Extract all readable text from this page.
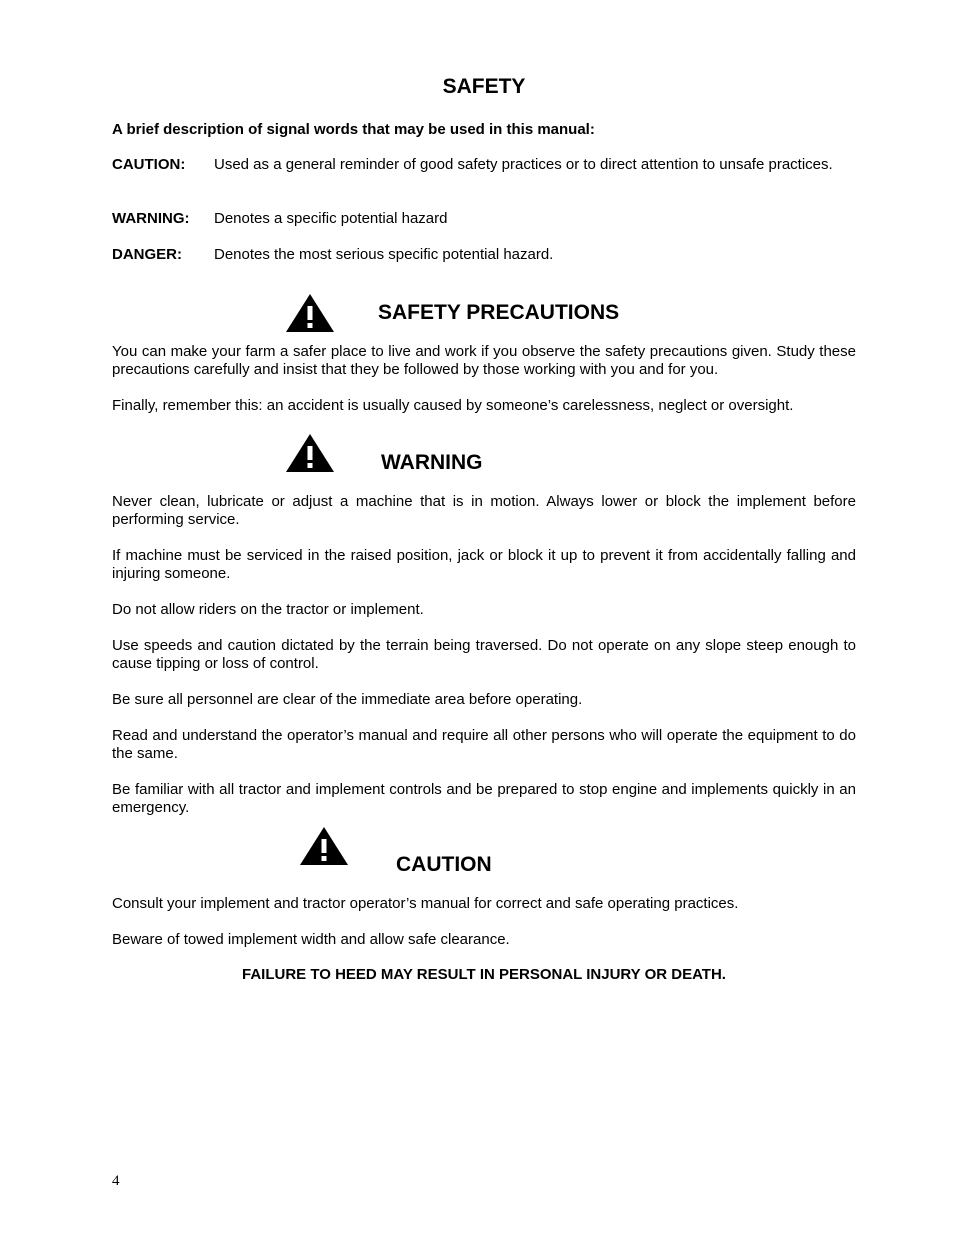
SAFETY
A brief description of signal words that may be used in this manual:
CAUTION:	Used as a general reminder of good safety practices or to direct attention to unsafe practices.
WARNING: Denotes a specific potential hazard
DANGER: Denotes the most serious specific potential hazard.
SAFETY PRECAUTIONS

You can make your farm a safer place to live and work if you observe the safety precautions given. Study these precautions carefully and insist that they be followed by those working with you and for you.

Finally, remember this: an accident is usually caused by someone’s carelessness, neglect or oversight.

WARNING

Never clean, lubricate or adjust a machine that is in motion. Always lower or block the implement before performing service.

If machine must be serviced in the raised position, jack or block it up to prevent it from accidentally falling and injuring someone.

Do not allow riders on the tractor or implement.

Use speeds and caution dictated by the terrain being traversed. Do not operate on any slope steep enough to cause tipping or loss of control.

Be sure all personnel are clear of the immediate area before operating.

Read and understand the operator’s manual and require all other persons who will operate the equipment to do the same.

Be familiar with all tractor and implement controls and be prepared to stop engine and implements quickly in an emergency.

CAUTION

Consult your implement and tractor operator’s manual for correct and safe operating practices.

Beware of towed implement width and allow safe clearance.

FAILURE TO HEED MAY RESULT IN PERSONAL INJURY OR DEATH.
4
